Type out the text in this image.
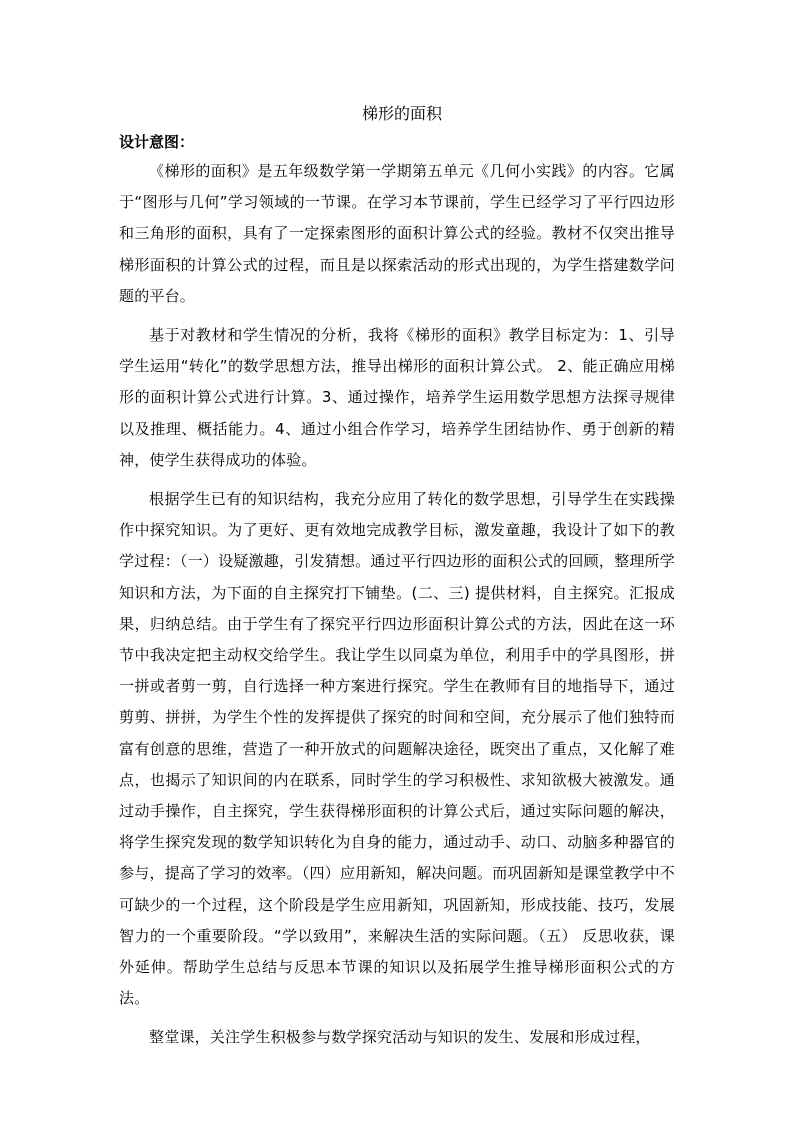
梯形的面积

设计意图：

《梯形的面积》是五年级数学第一学期第五单元《几何小实践》的内容。它属于“图形与几何”学习领域的一节课。在学习本节课前，学生已经学习了平行四边形和三角形的面积，具有了一定探索图形的面积计算公式的经验。教材不仅突出推导梯形面积的计算公式的过程，而且是以探索活动的形式出现的，为学生搭建数学问题的平台。

基于对教材和学生情况的分析，我将《梯形的面积》教学目标定为：1、引导学生运用“转化”的数学思想方法，推导出梯形的面积计算公式。 2、能正确应用梯形的面积计算公式进行计算。3、通过操作，培养学生运用数学思想方法探寻规律以及推理、概括能力。4、通过小组合作学习，培养学生团结协作、勇于创新的精神，使学生获得成功的体验。

根据学生已有的知识结构，我充分应用了转化的数学思想，引导学生在实践操作中探究知识。为了更好、更有效地完成教学目标，激发童趣，我设计了如下的教学过程：（一）设疑激趣，引发猜想。通过平行四边形的面积公式的回顾，整理所学知识和方法，为下面的自主探究打下铺垫。(二、三) 提供材料，自主探究。汇报成果，归纳总结。由于学生有了探究平行四边形面积计算公式的方法，因此在这一环节中我决定把主动权交给学生。我让学生以同桌为单位，利用手中的学具图形，拼一拼或者剪一剪，自行选择一种方案进行探究。学生在教师有目的地指导下，通过剪剪、拼拼，为学生个性的发挥提供了探究的时间和空间，充分展示了他们独特而富有创意的思维，营造了一种开放式的问题解决途径，既突出了重点，又化解了难点，也揭示了知识间的内在联系，同时学生的学习积极性、求知欲极大被激发。通过动手操作，自主探究，学生获得梯形面积的计算公式后，通过实际问题的解决，将学生探究发现的数学知识转化为自身的能力，通过动手、动口、动脑多种器官的参与，提高了学习的效率。（四）应用新知，解决问题。而巩固新知是课堂教学中不可缺少的一个过程，这个阶段是学生应用新知，巩固新知，形成技能、技巧，发展智力的一个重要阶段。“学以致用”，来解决生活的实际问题。（五） 反思收获，课外延伸。帮助学生总结与反思本节课的知识以及拓展学生推导梯形面积公式的方法。

整堂课，关注学生积极参与数学探究活动与知识的发生、发展和形成过程，
